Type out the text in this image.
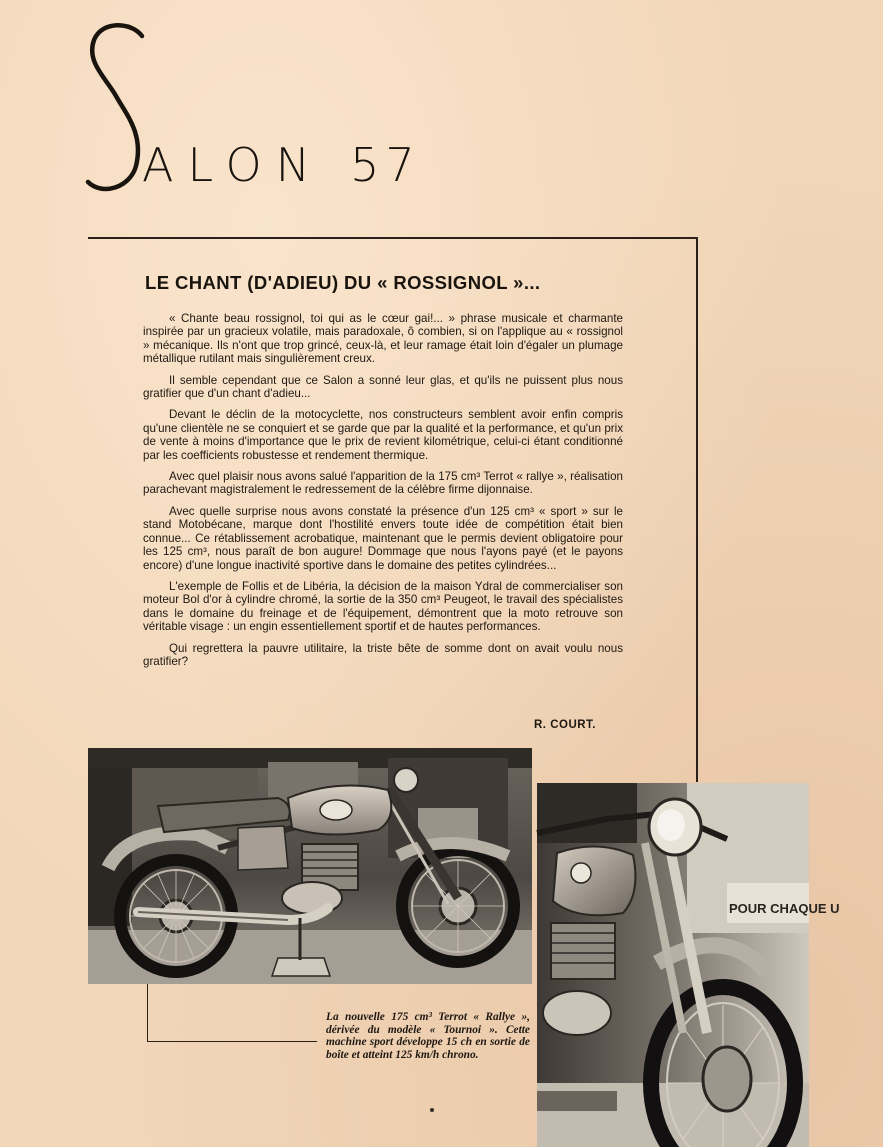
ALON 57
LE CHANT (D'ADIEU) DU « ROSSIGNOL »...

« Chante beau rossignol, toi qui as le cœur gai!... » phrase musicale et charmante inspirée par un gracieux volatile, mais paradoxale, ô combien, si on l'applique au « rossignol » mécanique. Ils n'ont que trop grincé, ceux-là, et leur ramage était loin d'égaler un plumage métallique rutilant mais singulièrement creux.

Il semble cependant que ce Salon a sonné leur glas, et qu'ils ne puissent plus nous gratifier que d'un chant d'adieu...

Devant le déclin de la motocyclette, nos constructeurs semblent avoir enfin compris qu'une clientèle ne se conquiert et se garde que par la qualité et la performance, et qu'un prix de vente à moins d'importance que le prix de revient kilométrique, celui-ci étant conditionné par les coefficients robustesse et rendement thermique.

Avec quel plaisir nous avons salué l'apparition de la 175 cm³ Terrot « rallye », réalisation parachevant magistralement le redressement de la célèbre firme dijonnaise.

Avec quelle surprise nous avons constaté la présence d'un 125 cm³ « sport » sur le stand Motobécane, marque dont l'hostilité envers toute idée de compétition était bien connue... Ce rétablissement acrobatique, maintenant que le permis devient obligatoire pour les 125 cm³, nous paraît de bon augure! Dommage que nous l'ayons payé (et le payons encore) d'une longue inactivité sportive dans le domaine des petites cylindrées...

L'exemple de Follis et de Libéria, la décision de la maison Ydral de commercialiser son moteur Bol d'or à cylindre chromé, la sortie de la 350 cm³ Peugeot, le travail des spécialistes dans le domaine du freinage et de l'équipement, démontrent que la moto retrouve son véritable visage : un engin essentiellement sportif et de hautes performances.

Qui regrettera la pauvre utilitaire, la triste bête de somme dont on avait voulu nous gratifier?

R. COURT.
POUR CHAQUE U
La nouvelle 175 cm³ Terrot « Rallye », dérivée du modèle « Tournoi ». Cette machine sport développe 15 ch en sortie de boîte et atteint 125 km/h chrono.
